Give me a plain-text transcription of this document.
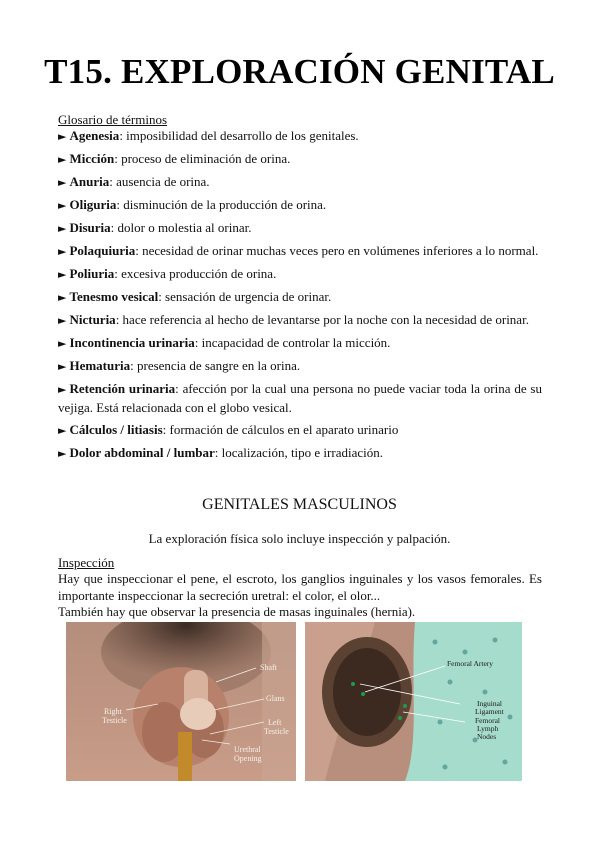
T15. EXPLORACIÓN GENITAL

Glosario de términos

► Agenesia: imposibilidad del desarrollo de los genitales.
► Micción: proceso de eliminación de orina.
► Anuria: ausencia de orina.
► Oliguria: disminución de la producción de orina.
► Disuria: dolor o molestia al orinar.
► Polaquiuria: necesidad de orinar muchas veces pero en volúmenes inferiores a lo normal.
► Poliuria: excesiva producción de orina.
► Tenesmo vesical: sensación de urgencia de orinar.
► Nicturia: hace referencia al hecho de levantarse por la noche con la necesidad de orinar.
► Incontinencia urinaria: incapacidad de controlar la micción.
► Hematuria: presencia de sangre en la orina.
► Retención urinaria: afección por la cual una persona no puede vaciar toda la orina de su vejiga. Está relacionada con el globo vesical.
► Cálculos / litiasis: formación de cálculos en el aparato urinario
► Dolor abdominal / lumbar: localización, tipo e irradiación.
GENITALES MASCULINOS

La exploración física solo incluye inspección y palpación.

Inspección

Hay que inspeccionar el pene, el escroto, los ganglios inguinales y los vasos femorales. Es importante inspeccionar la secreción uretral: el color, el olor...
También hay que observar la presencia de masas inguinales (hernia).

Shaft
Glans
Right
Testicle	Left
Testicle
Urethral
Opening
Femoral Artery
Inguinal
Ligament
Femoral
Lymph
Nodes
